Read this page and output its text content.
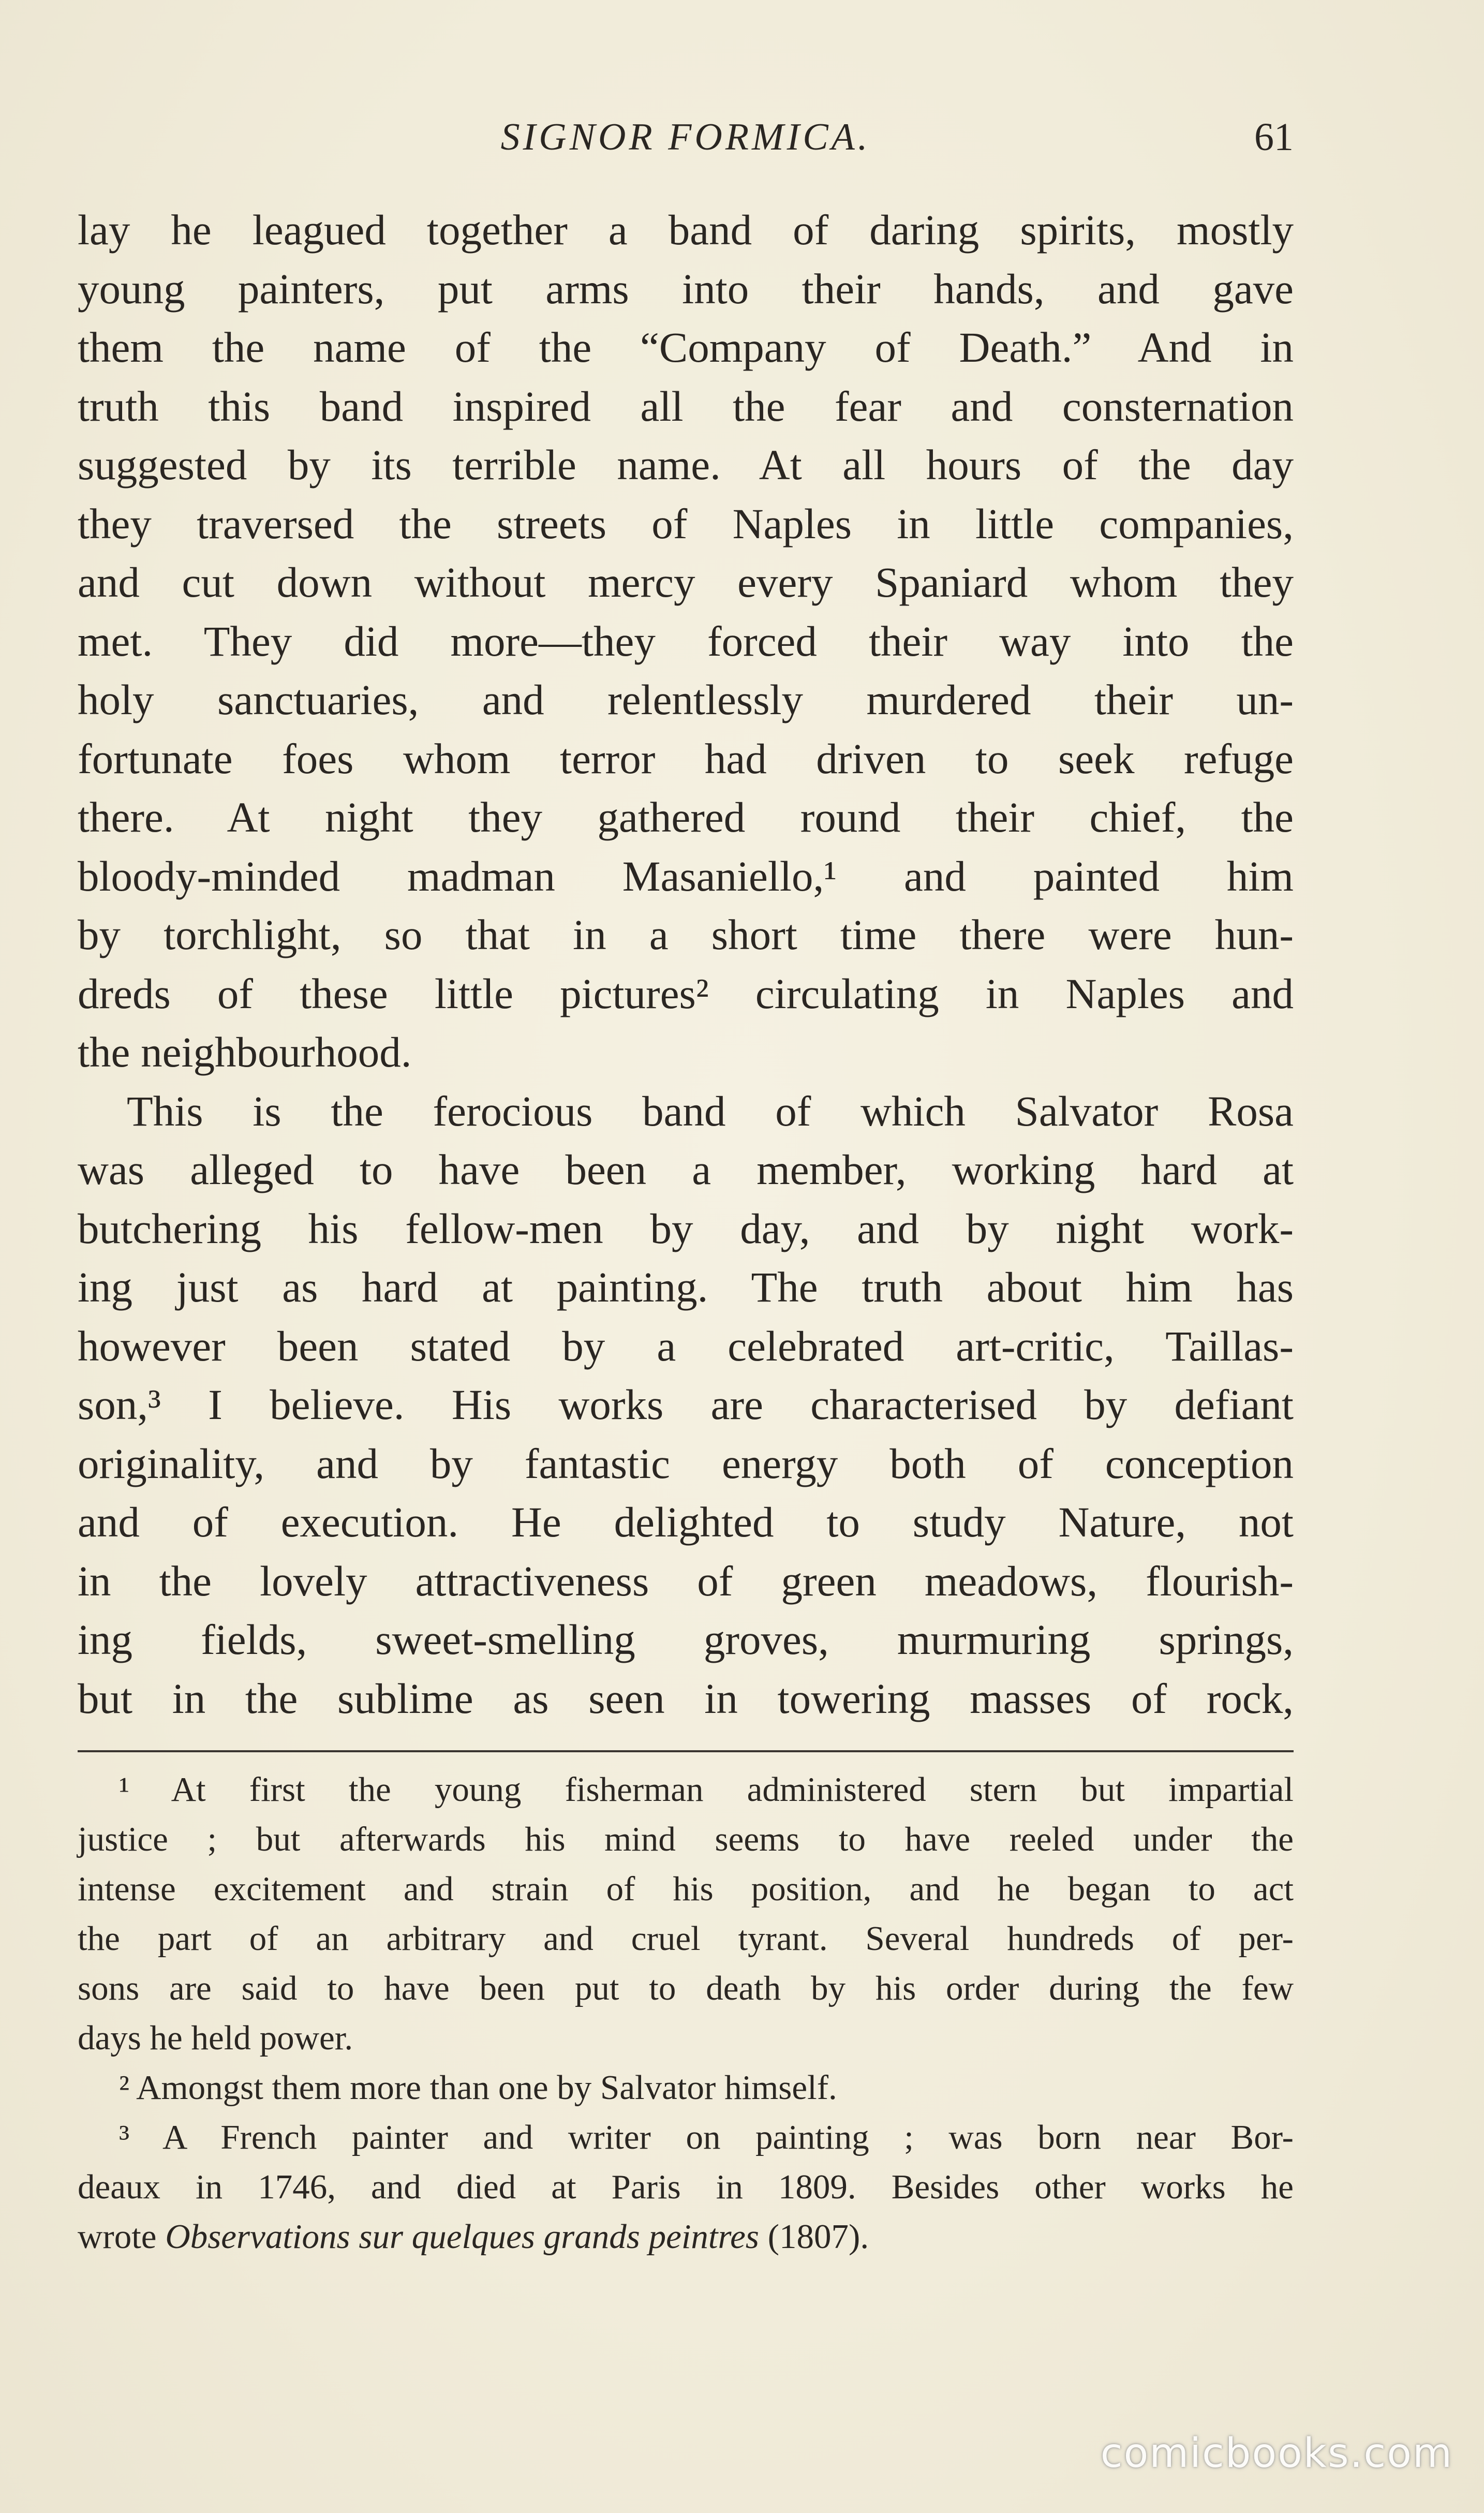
SIGNOR FORMICA.	61
lay he leagued together a band of daring spirits, mostly
young painters, put arms into their hands, and gave
them the name of the “Company of Death.” And in
truth this band inspired all the fear and consternation
suggested by its terrible name. At all hours of the day
they traversed the streets of Naples in little companies,
and cut down without mercy every Spaniard whom they
met. They did more—they forced their way into the
holy sanctuaries, and relentlessly murdered their un-
fortunate foes whom terror had driven to seek refuge
there. At night they gathered round their chief, the
bloody-minded madman Masaniello,¹ and painted him
by torchlight, so that in a short time there were hun-
dreds of these little pictures² circulating in Naples and
the neighbourhood.
This is the ferocious band of which Salvator Rosa
was alleged to have been a member, working hard at
butchering his fellow-men by day, and by night work-
ing just as hard at painting. The truth about him has
however been stated by a celebrated art-critic, Taillas-
son,³ I believe. His works are characterised by defiant
originality, and by fantastic energy both of conception
and of execution. He delighted to study Nature, not
in the lovely attractiveness of green meadows, flourish-
ing fields, sweet-smelling groves, murmuring springs,
but in the sublime as seen in towering masses of rock,
¹ At first the young fisherman administered stern but impartial
justice ; but afterwards his mind seems to have reeled under the
intense excitement and strain of his position, and he began to act
the part of an arbitrary and cruel tyrant. Several hundreds of per-
sons are said to have been put to death by his order during the few
days he held power.
² Amongst them more than one by Salvator himself.
³ A French painter and writer on painting ; was born near Bor-
deaux in 1746, and died at Paris in 1809. Besides other works he
wrote Observations sur quelques grands peintres (1807).
comicbooks.com
